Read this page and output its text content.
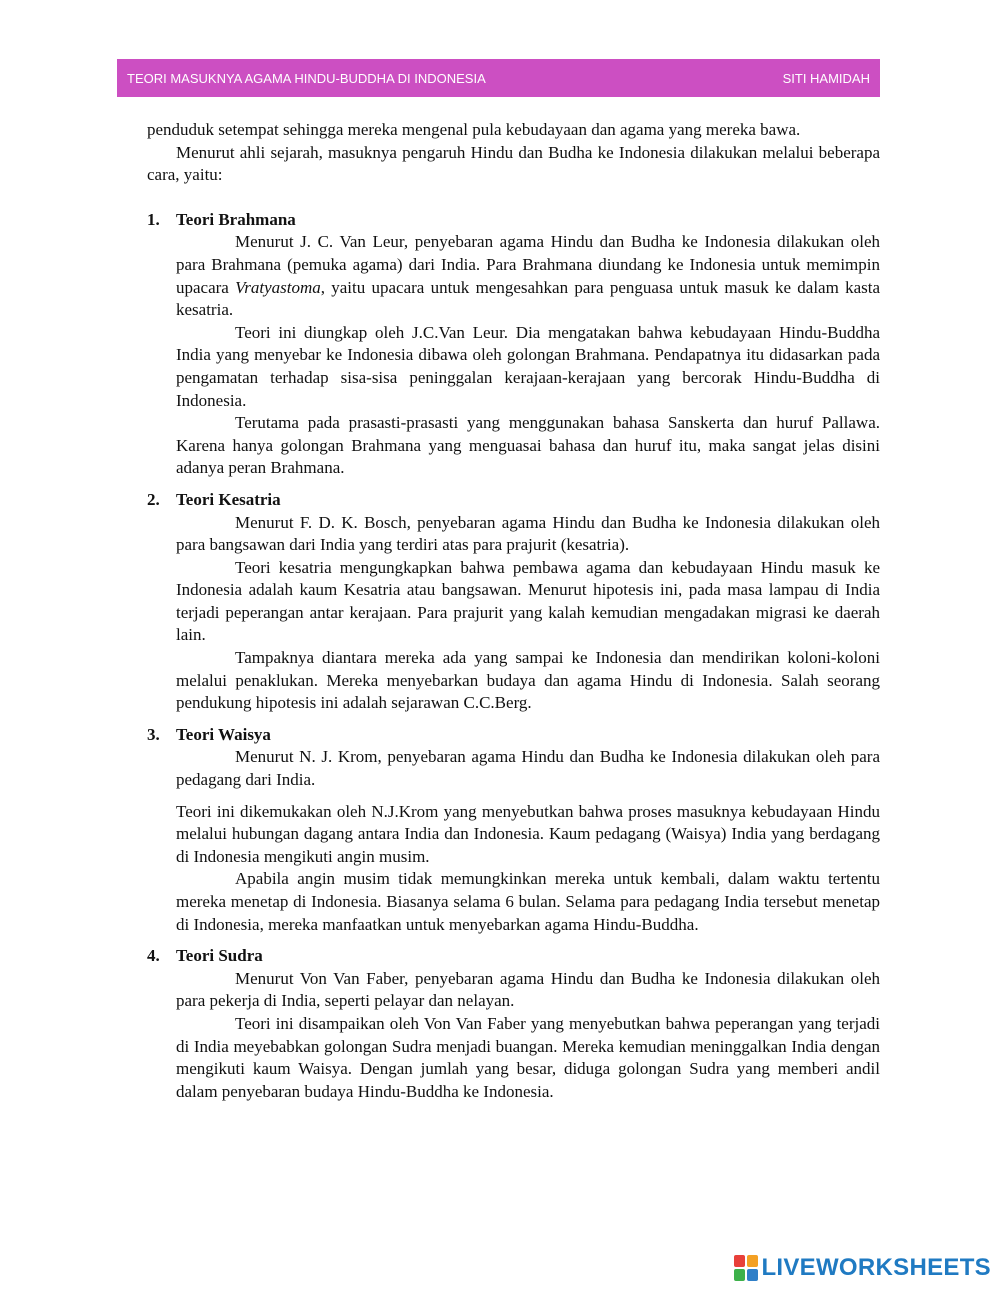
TEORI MASUKNYA AGAMA HINDU-BUDDHA DI INDONESIA	SITI HAMIDAH

penduduk setempat sehingga mereka mengenal pula kebudayaan dan agama yang mereka bawa.

Menurut ahli sejarah, masuknya pengaruh Hindu dan Budha ke Indonesia dilakukan melalui beberapa cara, yaitu:

1. Teori Brahmana

Menurut J. C. Van Leur, penyebaran agama Hindu dan Budha ke Indonesia dilakukan oleh para Brahmana (pemuka agama) dari India. Para Brahmana diundang ke Indonesia untuk memimpin upacara Vratyastoma, yaitu upacara untuk mengesahkan para penguasa untuk masuk ke dalam kasta kesatria.

Teori ini diungkap oleh J.C.Van Leur. Dia mengatakan bahwa kebudayaan Hindu-Buddha India yang menyebar ke Indonesia dibawa oleh golongan Brahmana. Pendapatnya itu didasarkan pada pengamatan terhadap sisa-sisa peninggalan kerajaan-kerajaan yang bercorak Hindu-Buddha di Indonesia.

Terutama pada prasasti-prasasti yang menggunakan bahasa Sanskerta dan huruf Pallawa. Karena hanya golongan Brahmana yang menguasai bahasa dan huruf itu, maka sangat jelas disini adanya peran Brahmana.

2. Teori Kesatria

Menurut F. D. K. Bosch, penyebaran agama Hindu dan Budha ke Indonesia dilakukan oleh para bangsawan dari India yang terdiri atas para prajurit (kesatria).

Teori kesatria mengungkapkan bahwa pembawa agama dan kebudayaan Hindu masuk ke Indonesia adalah kaum Kesatria atau bangsawan. Menurut hipotesis ini, pada masa lampau di India terjadi peperangan antar kerajaan. Para prajurit yang kalah kemudian mengadakan migrasi ke daerah lain.

Tampaknya diantara mereka ada yang sampai ke Indonesia dan mendirikan koloni-koloni melalui penaklukan. Mereka menyebarkan budaya dan agama Hindu di Indonesia. Salah seorang pendukung hipotesis ini adalah sejarawan C.C.Berg.

3. Teori Waisya

Menurut N. J. Krom, penyebaran agama Hindu dan Budha ke Indonesia dilakukan oleh para pedagang dari India.

Teori ini dikemukakan oleh N.J.Krom yang menyebutkan bahwa proses masuknya kebudayaan Hindu melalui hubungan dagang antara India dan Indonesia. Kaum pedagang (Waisya) India yang berdagang di Indonesia mengikuti angin musim.

Apabila angin musim tidak memungkinkan mereka untuk kembali, dalam waktu tertentu mereka menetap di Indonesia. Biasanya selama 6 bulan. Selama para pedagang India tersebut menetap di Indonesia, mereka manfaatkan untuk menyebarkan agama Hindu-Buddha.

4. Teori Sudra

Menurut Von Van Faber, penyebaran agama Hindu dan Budha ke Indonesia dilakukan oleh para pekerja di India, seperti pelayar dan nelayan.

Teori ini disampaikan oleh Von Van Faber yang menyebutkan bahwa peperangan yang terjadi di India meyebabkan golongan Sudra menjadi buangan. Mereka kemudian meninggalkan India dengan mengikuti kaum Waisya. Dengan jumlah yang besar, diduga golongan Sudra yang memberi andil dalam penyebaran budaya Hindu-Buddha ke Indonesia.

LIVEWORKSHEETS
